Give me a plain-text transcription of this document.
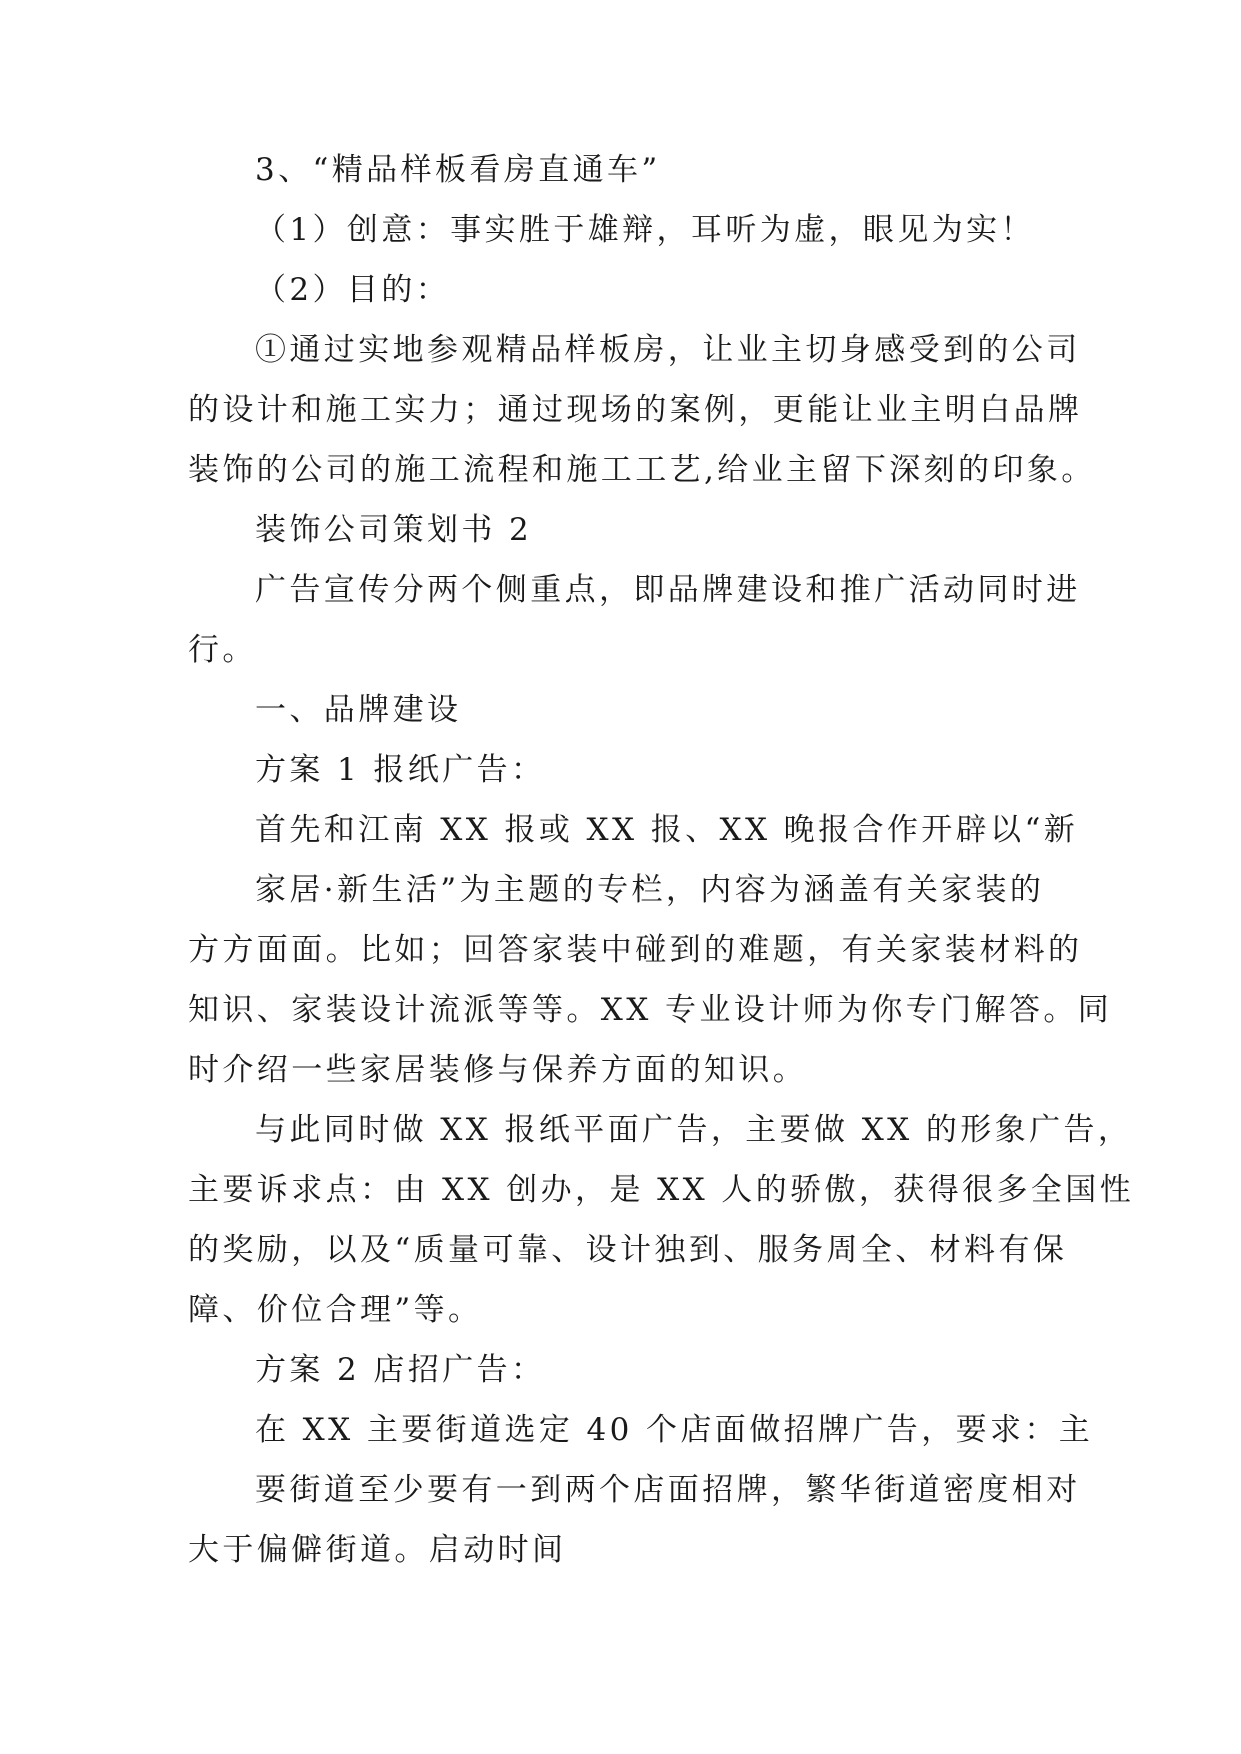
3、“精品样板看房直通车”

（1）创意：事实胜于雄辩，耳听为虚，眼见为实！

（2）目的：

①通过实地参观精品样板房，让业主切身感受到的公司

的设计和施工实力；通过现场的案例，更能让业主明白品牌

装饰的公司的施工流程和施工工艺,给业主留下深刻的印象。

装饰公司策划书 2

广告宣传分两个侧重点，即品牌建设和推广活动同时进

行。

一、品牌建设

方案 1 报纸广告：

首先和江南 XX 报或 XX 报、XX 晚报合作开辟以“新

家居·新生活”为主题的专栏，内容为涵盖有关家装的

方方面面。比如；回答家装中碰到的难题，有关家装材料的

知识、家装设计流派等等。XX 专业设计师为你专门解答。同

时介绍一些家居装修与保养方面的知识。

与此同时做 XX 报纸平面广告，主要做 XX 的形象广告，

主要诉求点：由 XX 创办，是 XX 人的骄傲，获得很多全国性

的奖励，以及“质量可靠、设计独到、服务周全、材料有保

障、价位合理”等。

方案 2 店招广告：

在 XX 主要街道选定 40 个店面做招牌广告，要求：主

要街道至少要有一到两个店面招牌，繁华街道密度相对

大于偏僻街道。启动时间
